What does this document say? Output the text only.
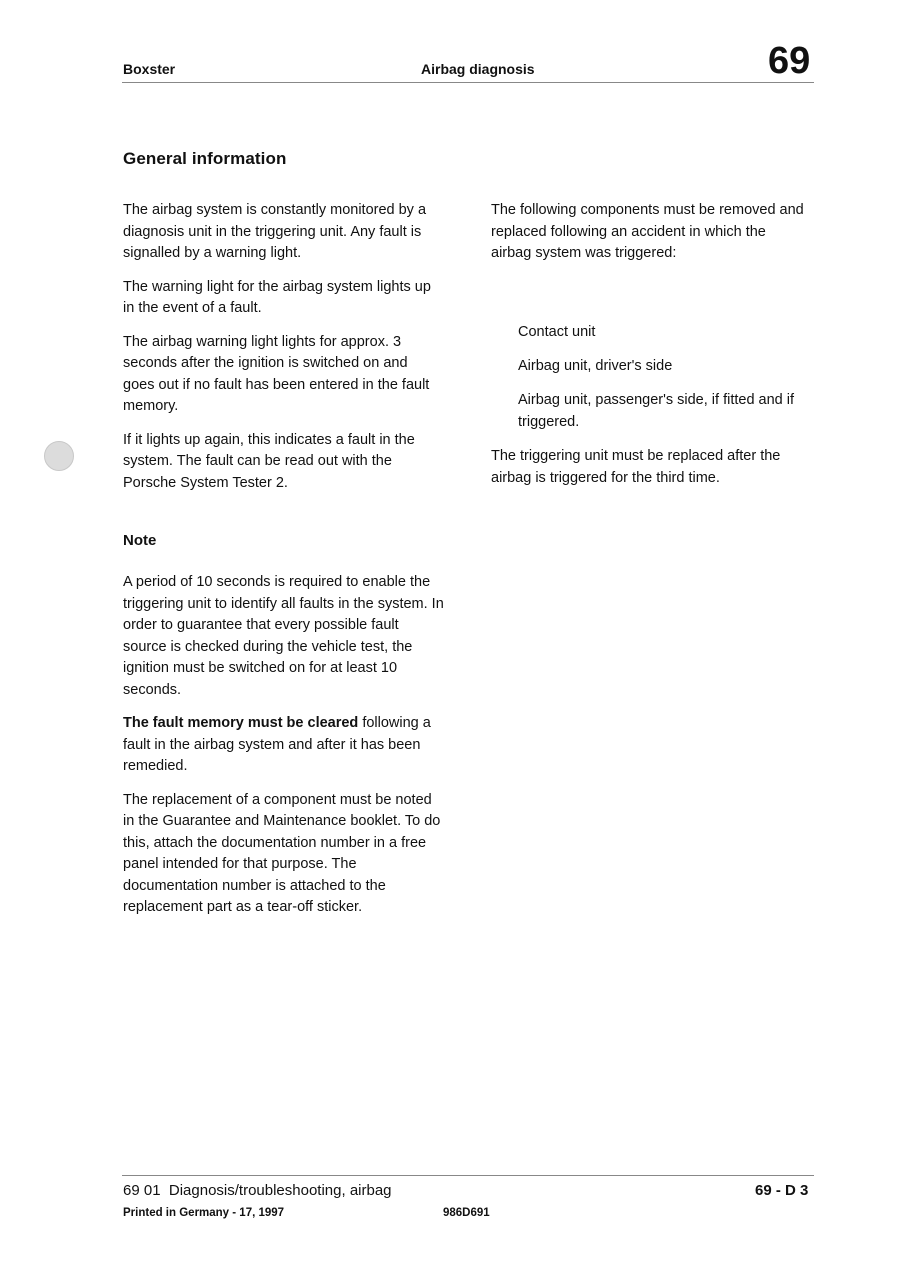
Boxster	Airbag diagnosis	69
General information

The airbag system is constantly monitored by a diagnosis unit in the triggering unit. Any fault is signalled by a warning light.

The warning light for the airbag system lights up in the event of a fault.

The airbag warning light lights for approx. 3 seconds after the ignition is switched on and goes out if no fault has been entered in the fault memory.

If it lights up again, this indicates a fault in the system. The fault can be read out with the Porsche System Tester 2.

The following components must be removed and replaced following an accident in which the airbag system was triggered:
Contact unit
Airbag unit, driver's side
Airbag unit, passenger's side, if fitted and if triggered.
The triggering unit must be replaced after the airbag is triggered for the third time.
Note

A period of 10 seconds is required to enable the triggering unit to identify all faults in the system. In order to guarantee that every possible fault source is checked during the vehicle test, the ignition must be switched on for at least 10 seconds.

The fault memory must be cleared following a fault in the airbag system and after it has been remedied.

The replacement of a component must be noted in the Guarantee and Maintenance booklet. To do this, attach the documentation number in a free panel intended for that purpose. The documentation number is attached to the replacement part as a tear-off sticker.

69 01  Diagnosis/troubleshooting, airbag	69 - D 3
Printed in Germany - 17, 1997	986D691
